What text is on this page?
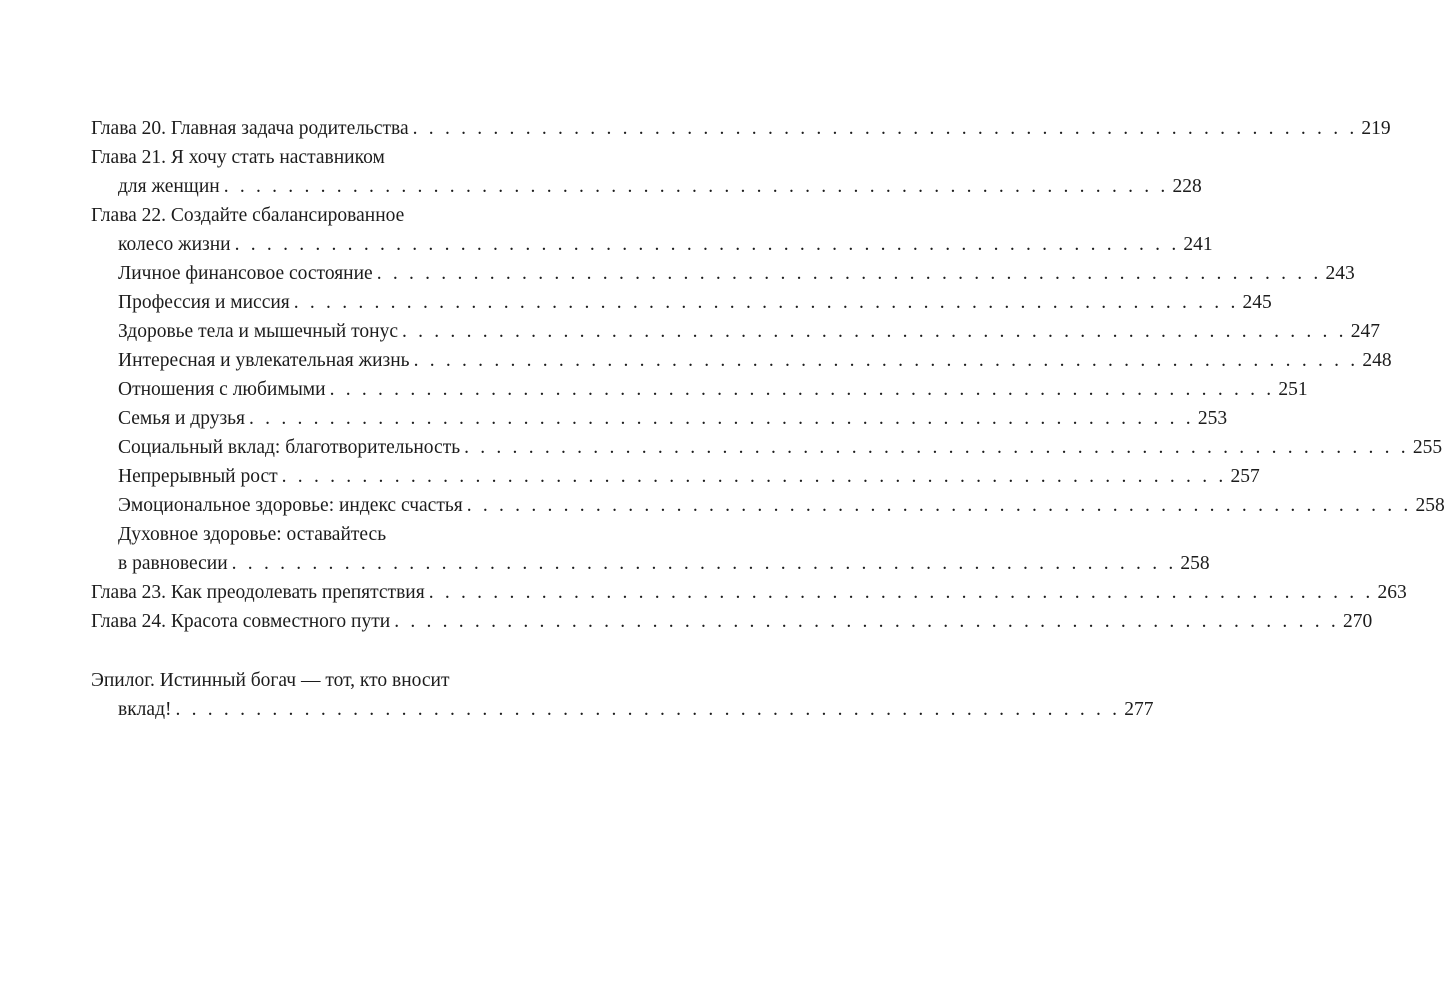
Глава 20. Главная задача родительства . . . . . . . . . . . . . . . . . . . . . . . . . . . . . . . . . . . . . . . . . . . . . . . . . . . . . . . . . . . 219
Глава 21. Я хочу стать наставником
для женщин . . . . . . . . . . . . . . . . . . . . . . . . . . . . . . . . . . . . . . . . . . . . . . . . . . . . . . . . . . . 228
Глава 22. Создайте сбалансированное
колесо жизни . . . . . . . . . . . . . . . . . . . . . . . . . . . . . . . . . . . . . . . . . . . . . . . . . . . . . . . . . . . 241
Личное финансовое состояние . . . . . . . . . . . . . . . . . . . . . . . . . . . . . . . . . . . . . . . . . . . . . . . . . . . . . . . . . . . 243
Профессия и миссия . . . . . . . . . . . . . . . . . . . . . . . . . . . . . . . . . . . . . . . . . . . . . . . . . . . . . . . . . . . 245
Здоровье тела и мышечный тонус . . . . . . . . . . . . . . . . . . . . . . . . . . . . . . . . . . . . . . . . . . . . . . . . . . . . . . . . . . . 247
Интересная и увлекательная жизнь . . . . . . . . . . . . . . . . . . . . . . . . . . . . . . . . . . . . . . . . . . . . . . . . . . . . . . . . . . . 248
Отношения с любимыми . . . . . . . . . . . . . . . . . . . . . . . . . . . . . . . . . . . . . . . . . . . . . . . . . . . . . . . . . . . 251
Семья и друзья . . . . . . . . . . . . . . . . . . . . . . . . . . . . . . . . . . . . . . . . . . . . . . . . . . . . . . . . . . . 253
Социальный вклад: благотворительность . . . . . . . . . . . . . . . . . . . . . . . . . . . . . . . . . . . . . . . . . . . . . . . . . . . . . . . . . . . 255
Непрерывный рост . . . . . . . . . . . . . . . . . . . . . . . . . . . . . . . . . . . . . . . . . . . . . . . . . . . . . . . . . . . 257
Эмоциональное здоровье: индекс счастья . . . . . . . . . . . . . . . . . . . . . . . . . . . . . . . . . . . . . . . . . . . . . . . . . . . . . . . . . . . 258
Духовное здоровье: оставайтесь
в равновесии . . . . . . . . . . . . . . . . . . . . . . . . . . . . . . . . . . . . . . . . . . . . . . . . . . . . . . . . . . . 258
Глава 23. Как преодолевать препятствия . . . . . . . . . . . . . . . . . . . . . . . . . . . . . . . . . . . . . . . . . . . . . . . . . . . . . . . . . . . 263
Глава 24. Красота совместного пути . . . . . . . . . . . . . . . . . . . . . . . . . . . . . . . . . . . . . . . . . . . . . . . . . . . . . . . . . . . 270
Эпилог. Истинный богач — тот, кто вносит
вклад! . . . . . . . . . . . . . . . . . . . . . . . . . . . . . . . . . . . . . . . . . . . . . . . . . . . . . . . . . . . 277
